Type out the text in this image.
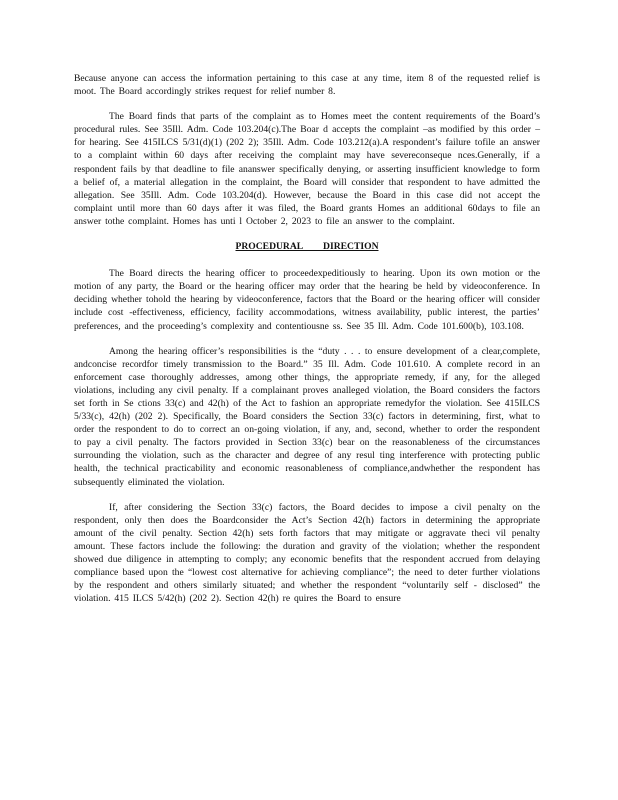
Because anyone can access the information pertaining to this case at any time, item 8 of the requested relief is moot. The Board accordingly strikes request for relief number 8.

The Board finds that parts of the complaint as to Homes meet the content requirements of the Board’s procedural rules. See 35Ill. Adm. Code 103.204(c).The Boar d accepts the complaint –as modified by this order –for hearing. See 415ILCS 5/31(d)(1) (202 2); 35Ill. Adm. Code 103.212(a).A respondent’s failure tofile an answer to a complaint within 60 days after receiving the complaint may have severeconseque nces.Generally, if a respondent fails by that deadline to file ananswer specifically denying, or asserting insufficient knowledge to form a belief of, a material allegation in the complaint, the Board will consider that respondent to have admitted the allegation. See 35Ill. Adm. Code 103.204(d). However, because the Board in this case did not accept the complaint until more than 60 days after it was filed, the Board grants Homes an additional 60days to file an answer tothe complaint. Homes has unti l October 2, 2023 to file an answer to the complaint.

PROCEDURAL DIRECTION

The Board directs the hearing officer to proceedexpeditiously to hearing. Upon its own motion or the motion of any party, the Board or the hearing officer may order that the hearing be held by videoconference. In deciding whether tohold the hearing by videoconference, factors that the Board or the hearing officer will consider include cost -effectiveness, efficiency, facility accommodations, witness availability, public interest, the parties’ preferences, and the proceeding’s complexity and contentiousne ss. See 35 Ill. Adm. Code 101.600(b), 103.108.

Among the hearing officer’s responsibilities is the “duty . . . to ensure development of a clear,complete, andconcise recordfor timely transmission to the Board.” 35 Ill. Adm. Code 101.610. A complete record in an enforcement case thoroughly addresses, among other things, the appropriate remedy, if any, for the alleged violations, including any civil penalty. If a complainant proves analleged violation, the Board considers the factors set forth in Se ctions 33(c) and 42(h) of the Act to fashion an appropriate remedyfor the violation. See 415ILCS 5/33(c), 42(h) (202 2). Specifically, the Board considers the Section 33(c) factors in determining, first, what to order the respondent to do to correct an on-going violation, if any, and, second, whether to order the respondent to pay a civil penalty. The factors provided in Section 33(c) bear on the reasonableness of the circumstances surrounding the violation, such as the character and degree of any resul ting interference with protecting public health, the technical practicability and economic reasonableness of compliance,andwhether the respondent has subsequently eliminated the violation.

If, after considering the Section 33(c) factors, the Board decides to impose a civil penalty on the respondent, only then does the Boardconsider the Act’s Section 42(h) factors in determining the appropriate amount of the civil penalty. Section 42(h) sets forth factors that may mitigate or aggravate theci vil penalty amount. These factors include the following: the duration and gravity of the violation; whether the respondent showed due diligence in attempting to comply; any economic benefits that the respondent accrued from delaying compliance based upon the “lowest cost alternative for achieving compliance”; the need to deter further violations by the respondent and others similarly situated; and whether the respondent “voluntarily self - disclosed” the violation. 415 ILCS 5/42(h) (202 2). Section 42(h) re quires the Board to ensure
